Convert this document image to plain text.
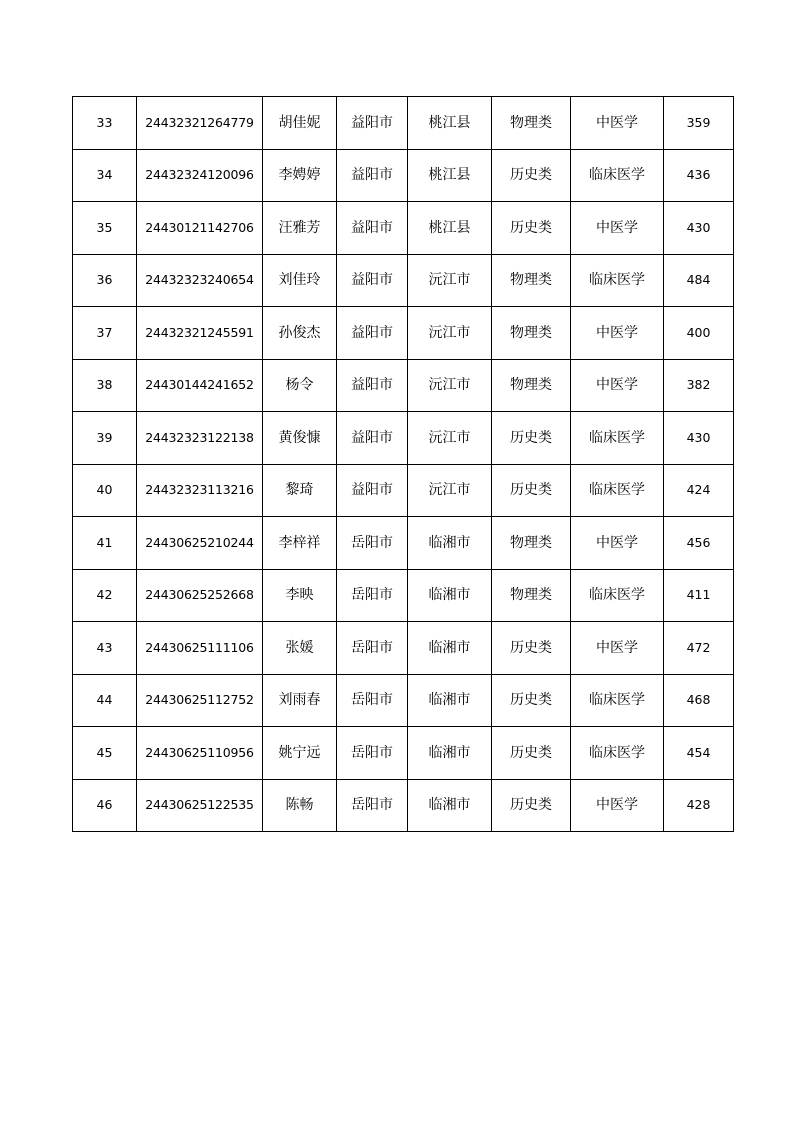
33	24432321264779	胡佳妮	益阳市	桃江县	物理类	中医学	359
34	24432324120096	李娉婷	益阳市	桃江县	历史类	临床医学	436
35	24430121142706	汪雅芳	益阳市	桃江县	历史类	中医学	430
36	24432323240654	刘佳玲	益阳市	沅江市	物理类	临床医学	484
37	24432321245591	孙俊杰	益阳市	沅江市	物理类	中医学	400
38	24430144241652	杨令	益阳市	沅江市	物理类	中医学	382
39	24432323122138	黄俊慷	益阳市	沅江市	历史类	临床医学	430
40	24432323113216	黎琦	益阳市	沅江市	历史类	临床医学	424
41	24430625210244	李梓祥	岳阳市	临湘市	物理类	中医学	456
42	24430625252668	李映	岳阳市	临湘市	物理类	临床医学	411
43	24430625111106	张媛	岳阳市	临湘市	历史类	中医学	472
44	24430625112752	刘雨春	岳阳市	临湘市	历史类	临床医学	468
45	24430625110956	姚宁远	岳阳市	临湘市	历史类	临床医学	454
46	24430625122535	陈畅	岳阳市	临湘市	历史类	中医学	428
